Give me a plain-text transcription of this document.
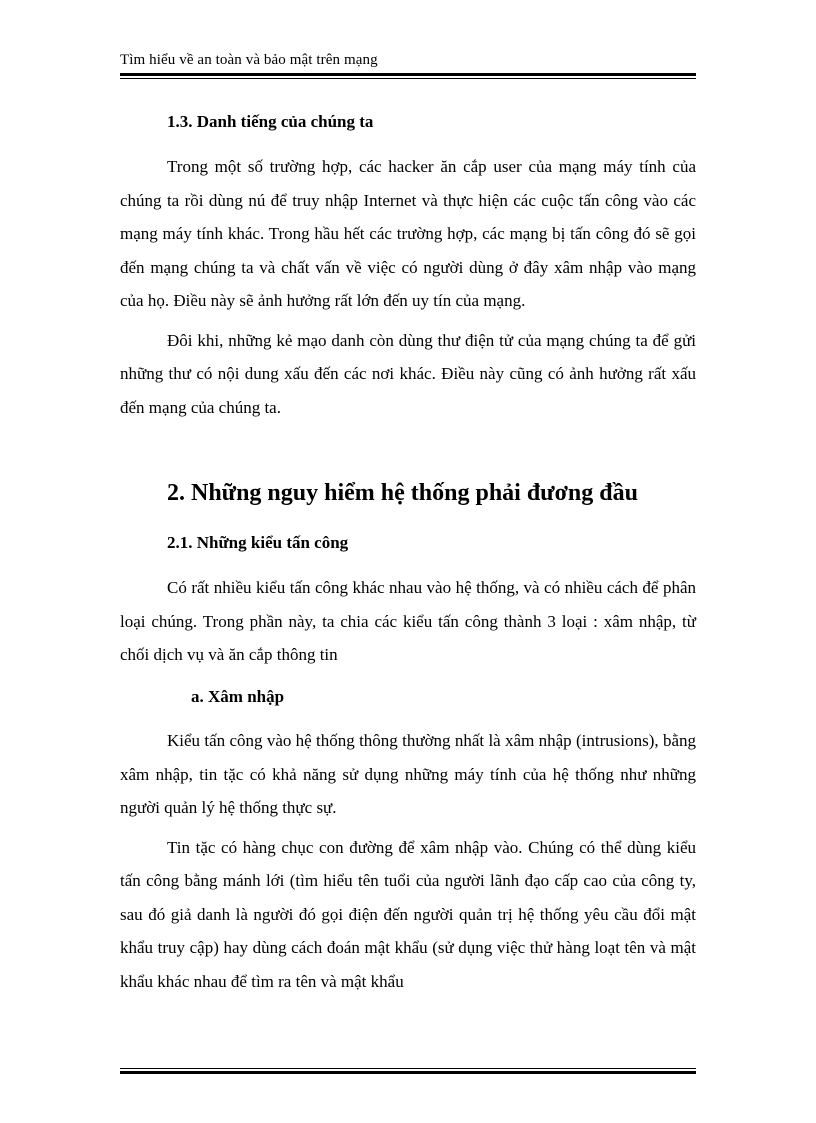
Tìm hiểu về an toàn và bảo mật trên mạng
1.3. Danh tiếng của chúng ta

Trong một số trường hợp, các hacker ăn cắp user của mạng máy tính của chúng ta rồi dùng nú để truy nhập Internet và thực hiện các cuộc tấn công vào các mạng máy tính khác. Trong hầu hết các trường hợp, các mạng bị tấn công đó sẽ gọi đến mạng chúng ta và chất vấn về việc có người dùng ở đây xâm nhập vào mạng của họ. Điều này sẽ ảnh hưởng rất lớn đến uy tín của mạng.

Đôi khi, những kẻ mạo danh còn dùng thư điện tử của mạng chúng ta để gửi những thư có nội dung xấu đến các nơi khác. Điều này cũng có ảnh hưởng rất xấu đến mạng của chúng ta.

2. Những nguy hiểm hệ thống phải đương đầu
2.1. Những kiểu tấn công

Có rất nhiều kiểu tấn công khác nhau vào hệ thống, và có nhiều cách để phân loại chúng. Trong phần này, ta chia các kiểu tấn công thành 3 loại : xâm nhập, từ chối dịch vụ và ăn cắp thông tin

a. Xâm nhập

Kiểu tấn công vào hệ thống thông thường nhất là xâm nhập (intrusions), bằng xâm nhập, tin tặc có khả năng sử dụng những máy tính của hệ thống như những người quản lý hệ thống thực sự.

Tin tặc có hàng chục con đường để xâm nhập vào. Chúng có thể dùng kiểu tấn công bằng mánh lới (tìm hiểu tên tuổi của người lãnh đạo cấp cao của công ty, sau đó giả danh là người đó gọi điện đến người quản trị hệ thống yêu cầu đổi mật khẩu truy cập) hay dùng cách đoán mật khẩu (sử dụng việc thử hàng loạt tên và mật khẩu khác nhau để tìm ra tên và mật khẩu
